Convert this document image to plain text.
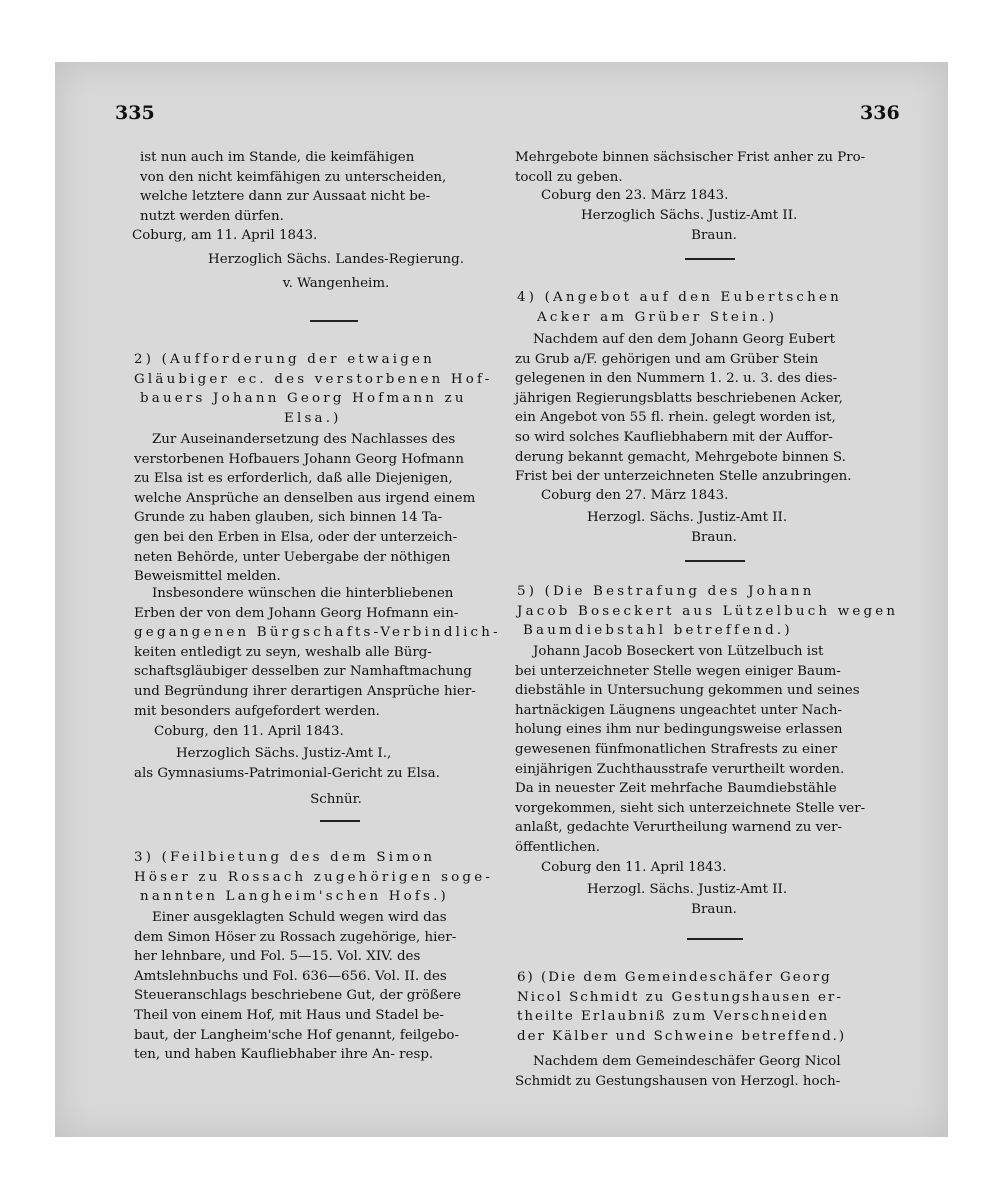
335	336
ist nun auch im Stande, die keimfähigen
von den nicht keimfähigen zu unterscheiden,
welche letztere dann zur Aussaat nicht be-
nutzt werden dürfen.
Coburg, am 11. April 1843.
Herzoglich Sächs. Landes-Regierung.
v. Wangenheim.
2) (Aufforderung der etwaigen
Gläubiger ec. des verstorbenen Hof-
bauers Johann Georg Hofmann zu
Elsa.)
Zur Auseinandersetzung des Nachlasses des
verstorbenen Hofbauers Johann Georg Hofmann
zu Elsa ist es erforderlich, daß alle Diejenigen,
welche Ansprüche an denselben aus irgend einem
Grunde zu haben glauben, sich binnen 14 Ta-
gen bei den Erben in Elsa, oder der unterzeich-
neten Behörde, unter Uebergabe der nöthigen
Beweismittel melden.
Insbesondere wünschen die hinterbliebenen
Erben der von dem Johann Georg Hofmann ein-
gegangenen Bürgschafts-Verbindlich-
keiten entledigt zu seyn, weshalb alle Bürg-
schaftsgläubiger desselben zur Namhaftmachung
und Begründung ihrer derartigen Ansprüche hier-
mit besonders aufgefordert werden.
Coburg, den 11. April 1843.
Herzoglich Sächs. Justiz-Amt I.,
als Gymnasiums-Patrimonial-Gericht zu Elsa.
Schnür.
3) (Feilbietung des dem Simon
Höser zu Rossach zugehörigen soge-
nannten Langheim'schen Hofs.)
Einer ausgeklagten Schuld wegen wird das
dem Simon Höser zu Rossach zugehörige, hier-
her lehnbare, und Fol. 5—15. Vol. XIV. des
Amtslehnbuchs und Fol. 636—656. Vol. II. des
Steueranschlags beschriebene Gut, der größere
Theil von einem Hof, mit Haus und Stadel be-
baut, der Langheim'sche Hof genannt, feilgebo-
ten, und haben Kaufliebhaber ihre An- resp.
Mehrgebote binnen sächsischer Frist anher zu Pro-
tocoll zu geben.
Coburg den 23. März 1843.
Herzoglich Sächs. Justiz-Amt II.
Braun.
4) (Angebot auf den Eubertschen
Acker am Grüber Stein.)
Nachdem auf den dem Johann Georg Eubert
zu Grub a/F. gehörigen und am Grüber Stein
gelegenen in den Nummern 1. 2. u. 3. des dies-
jährigen Regierungsblatts beschriebenen Acker,
ein Angebot von 55 fl. rhein. gelegt worden ist,
so wird solches Kaufliebhabern mit der Auffor-
derung bekannt gemacht, Mehrgebote binnen S.
Frist bei der unterzeichneten Stelle anzubringen.
Coburg den 27. März 1843.
Herzogl. Sächs. Justiz-Amt II.
Braun.
5) (Die Bestrafung des Johann
Jacob Boseckert aus Lützelbuch wegen
Baumdiebstahl betreffend.)
Johann Jacob Boseckert von Lützelbuch ist
bei unterzeichneter Stelle wegen einiger Baum-
diebstähle in Untersuchung gekommen und seines
hartnäckigen Läugnens ungeachtet unter Nach-
holung eines ihm nur bedingungsweise erlassen
gewesenen fünfmonatlichen Strafrests zu einer
einjährigen Zuchthausstrafe verurtheilt worden.
Da in neuester Zeit mehrfache Baumdiebstähle
vorgekommen, sieht sich unterzeichnete Stelle ver-
anlaßt, gedachte Verurtheilung warnend zu ver-
öffentlichen.
Coburg den 11. April 1843.
Herzogl. Sächs. Justiz-Amt II.
Braun.
6) (Die dem Gemeindeschäfer Georg
Nicol Schmidt zu Gestungshausen er-
theilte Erlaubniß zum Verschneiden
der Kälber und Schweine betreffend.)
Nachdem dem Gemeindeschäfer Georg Nicol
Schmidt zu Gestungshausen von Herzogl. hoch-
